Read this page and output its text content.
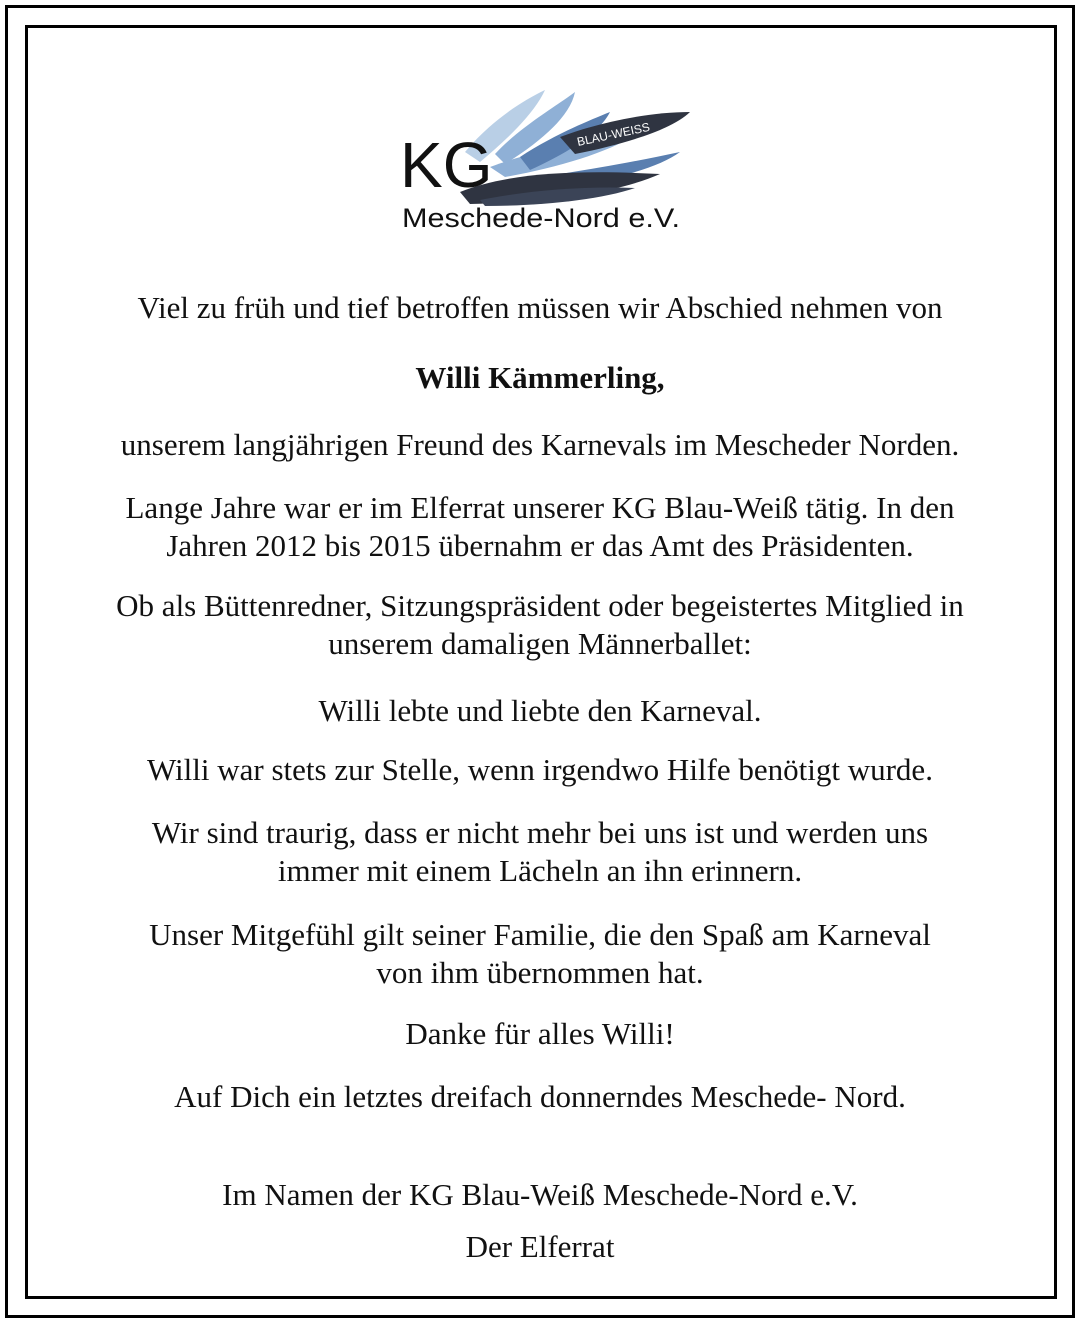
KG	BLAU-WEISS
Meschede-Nord e.V.

Viel zu früh und tief betroffen müssen wir Abschied nehmen von

Willi Kämmerling,

unserem langjährigen Freund des Karnevals im Mescheder Norden.

Lange Jahre war er im Elferrat unserer KG Blau-Weiß tätig. In den
Jahren 2012 bis 2015 übernahm er das Amt des Präsidenten.
Ob als Büttenredner, Sitzungspräsident oder begeistertes Mitglied in
unserem damaligen Männerballet:

Willi lebte und liebte den Karneval.

Willi war stets zur Stelle, wenn irgendwo Hilfe benötigt wurde.

Wir sind traurig, dass er nicht mehr bei uns ist und werden uns
immer mit einem Lächeln an ihn erinnern.
Unser Mitgefühl gilt seiner Familie, die den Spaß am Karneval
von ihm übernommen hat.

Danke für alles Willi!

Auf Dich ein letztes dreifach donnerndes Meschede- Nord.

Im Namen der KG Blau-Weiß Meschede-Nord e.V.

Der Elferrat
